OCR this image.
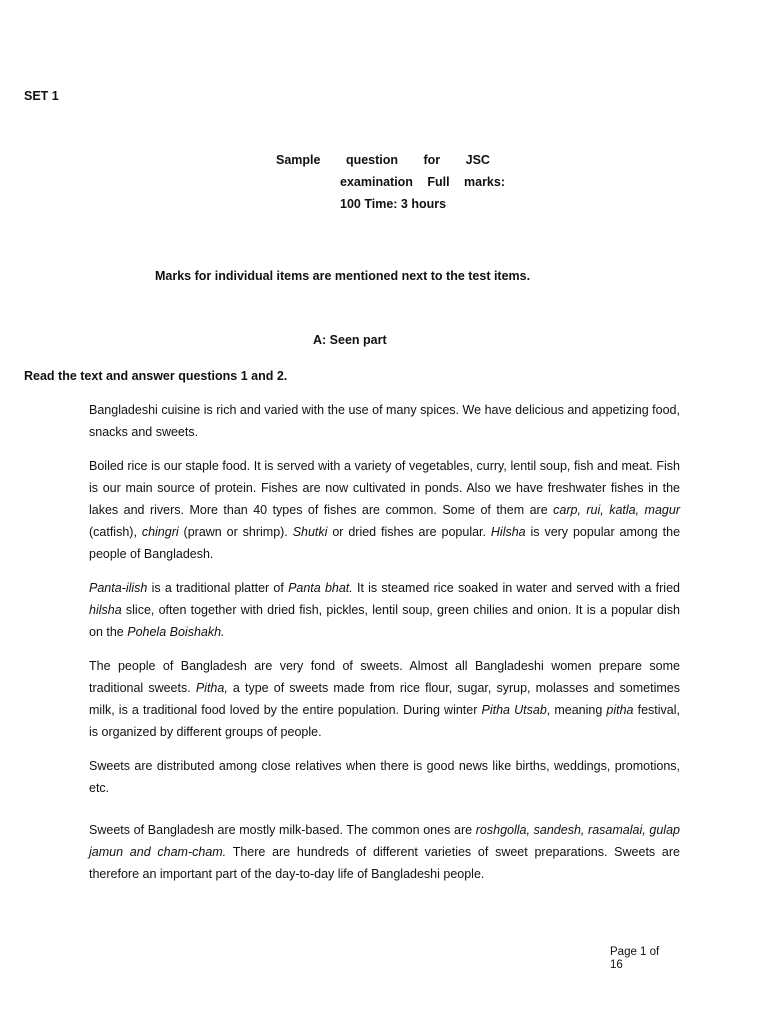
SET 1
Sample question for JSC
examination Full marks:
100 Time: 3 hours
Marks for individual items are mentioned next to the test items.
A: Seen part
Read the text and answer questions 1 and 2.

Bangladeshi cuisine is rich and varied with the use of many spices. We have delicious and appetizing food, snacks and sweets.

Boiled rice is our staple food. It is served with a variety of vegetables, curry, lentil soup, fish and meat. Fish is our main source of protein. Fishes are now cultivated in ponds. Also we have freshwater fishes in the lakes and rivers. More than 40 types of fishes are common. Some of them are carp, rui, katla, magur (catfish), chingri (prawn or shrimp). Shutki or dried fishes are popular. Hilsha is very popular among the people of Bangladesh.

Panta-ilish is a traditional platter of Panta bhat. It is steamed rice soaked in water and served with a fried hilsha slice, often together with dried fish, pickles, lentil soup, green chilies and onion. It is a popular dish on the Pohela Boishakh.

The people of Bangladesh are very fond of sweets. Almost all Bangladeshi women prepare some traditional sweets. Pitha, a type of sweets made from rice flour, sugar, syrup, molasses and sometimes milk, is a traditional food loved by the entire population. During winter Pitha Utsab, meaning pitha festival, is organized by different groups of people.

Sweets are distributed among close relatives when there is good news like births, weddings, promotions, etc.

Sweets of Bangladesh are mostly milk-based. The common ones are roshgolla, sandesh, rasamalai, gulap jamun and cham-cham. There are hundreds of different varieties of sweet preparations. Sweets are therefore an important part of the day-to-day life of Bangladeshi people.

Page 1 of
16
